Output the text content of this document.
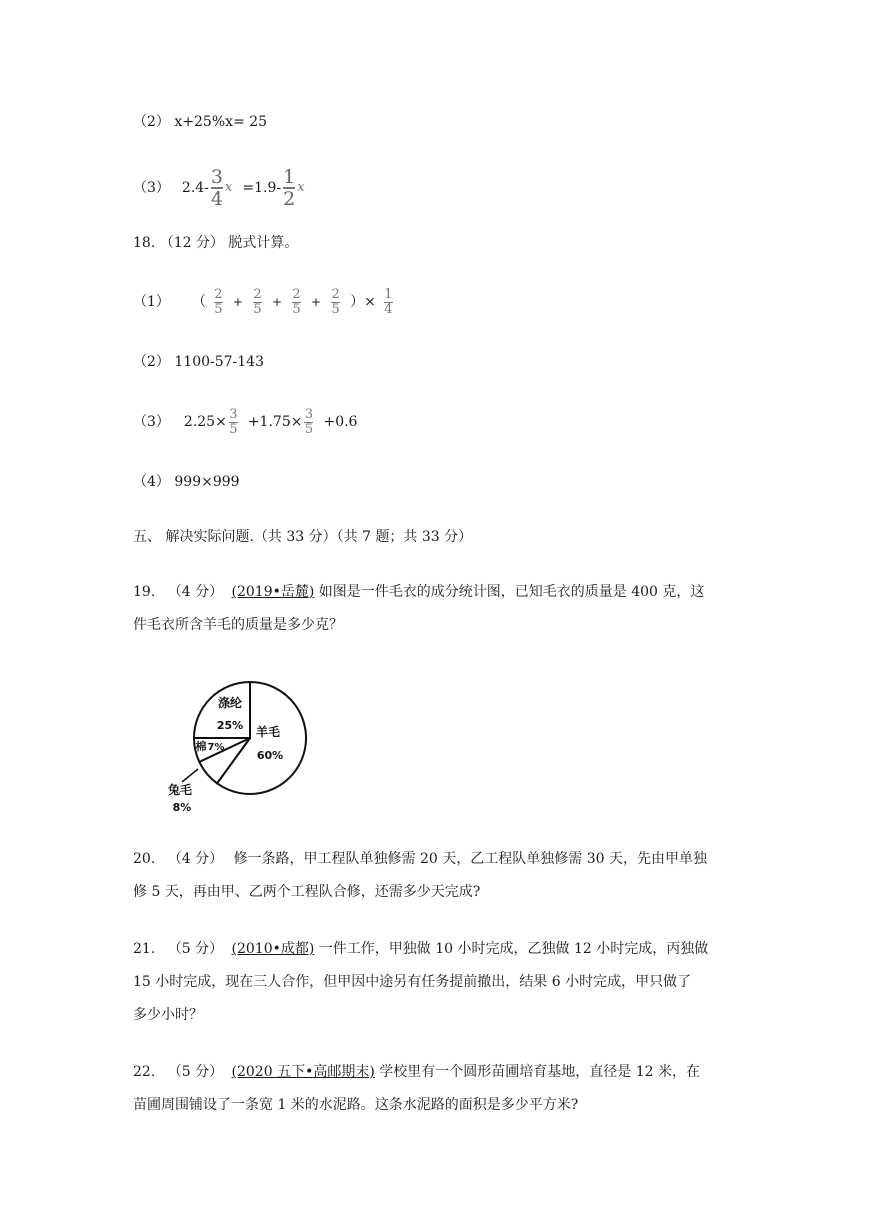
（2） x+25%x= 25
（3） $2.4- \frac{3}{4}$ $x =1.9- \frac{1}{2}$ x
18. （12 分） 脱式计算。
（1） （ $\frac{2}{5} + \frac{2}{5} + \frac{2}{5} + \frac{2}{5}$ ）× $\frac{1}{4}$
（2） 1100-57-143
（3） $2.25\times \frac{3}{5} +1.75\times \frac{3}{5} +0.6$
（4） 999×999
五、 解决实际问题.（共 33 分）（共 7 题；共 33 分）
19. （4 分） (2019•岳麓) 如图是一件毛衣的成分统计图，已知毛衣的质量是 400 克，这
件毛衣所含羊毛的质量是多少克？
羊毛
60%
涤纶
25%
棉 7%
兔毛
8%
20. （4 分） 修一条路，甲工程队单独修需 20 天，乙工程队单独修需 30 天，先由甲单独
修 5 天，再由甲、乙两个工程队合修，还需多少天完成?
21. （5 分） (2010•成都) 一件工作，甲独做 10 小时完成，乙独做 12 小时完成，丙独做
15 小时完成，现在三人合作，但甲因中途另有任务提前撤出，结果 6 小时完成，甲只做了
多少小时？
22. （5 分） (2020 五下•高邮期末) 学校里有一个圆形苗圃培育基地，直径是 12 米，在
苗圃周围铺设了一条宽 1 米的水泥路。这条水泥路的面积是多少平方米?
